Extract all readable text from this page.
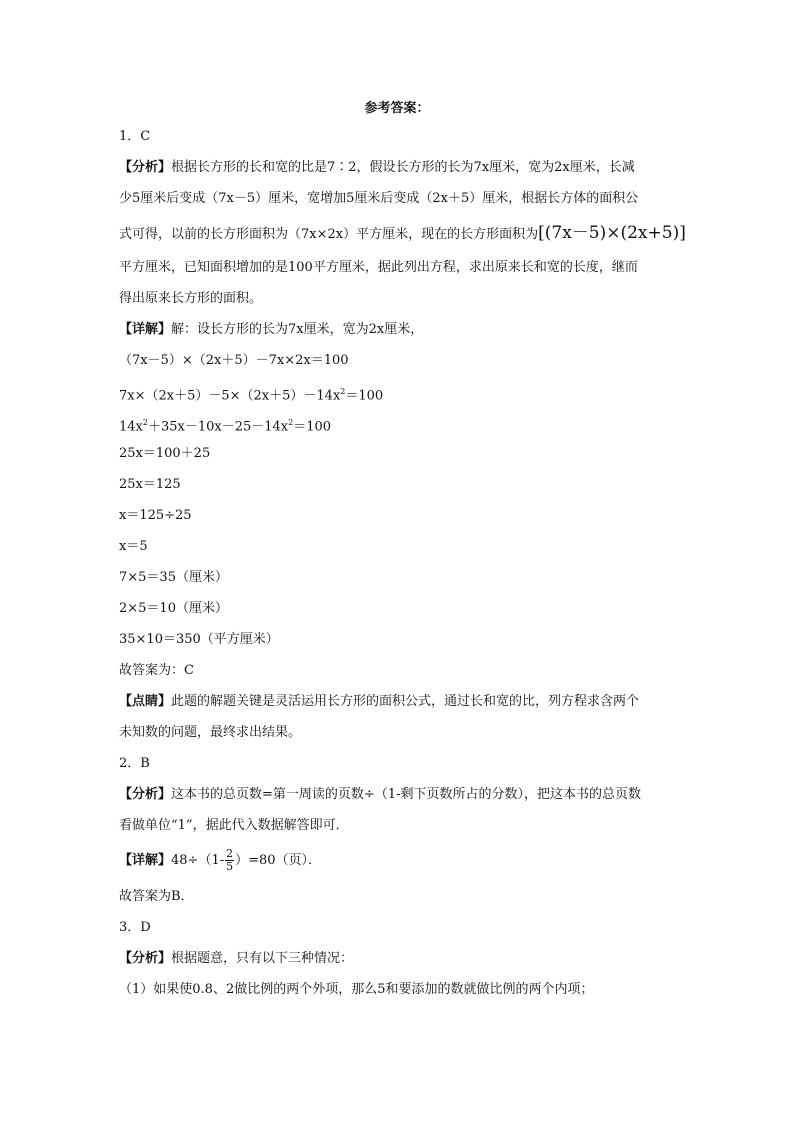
参考答案：
1．C
【分析】根据长方形的长和宽的比是7∶2，假设长方形的长为7x厘米，宽为2x厘米，长减
少5厘米后变成（7x－5）厘米，宽增加5厘米后变成（2x＋5）厘米，根据长方体的面积公
式可得，以前的长方形面积为（7x×2x）平方厘米，现在的长方形面积为[(7x－5)×(2x+5)]
平方厘米，已知面积增加的是100平方厘米，据此列出方程，求出原来长和宽的长度，继而
得出原来长方形的面积。
【详解】解：设长方形的长为7x厘米，宽为2x厘米，
（7x－5）×（2x＋5）－7x×2x＝100
$7x\times(2x+5)-5\times(2x+5)-14x^2=100$
$14x^2+35x-10x-25-14x^2=100$
25x＝100＋25
25x＝125
x＝125÷25
x＝5
7×5＝35（厘米）
2×5＝10（厘米）
35×10＝350（平方厘米）
故答案为：C
【点睛】此题的解题关键是灵活运用长方形的面积公式，通过长和宽的比，列方程求含两个
未知数的问题，最终求出结果。
2．B
【分析】这本书的总页数=第一周读的页数÷（1-剩下页数所占的分数），把这本书的总页数
看做单位“1”，据此代入数据解答即可．
【详解】$48\div(1- \frac{2}{5} )=80$（页）．
故答案为B．
3．D
【分析】根据题意，只有以下三种情况：
（1）如果使0.8、2做比例的两个外项，那么5和要添加的数就做比例的两个内项；
